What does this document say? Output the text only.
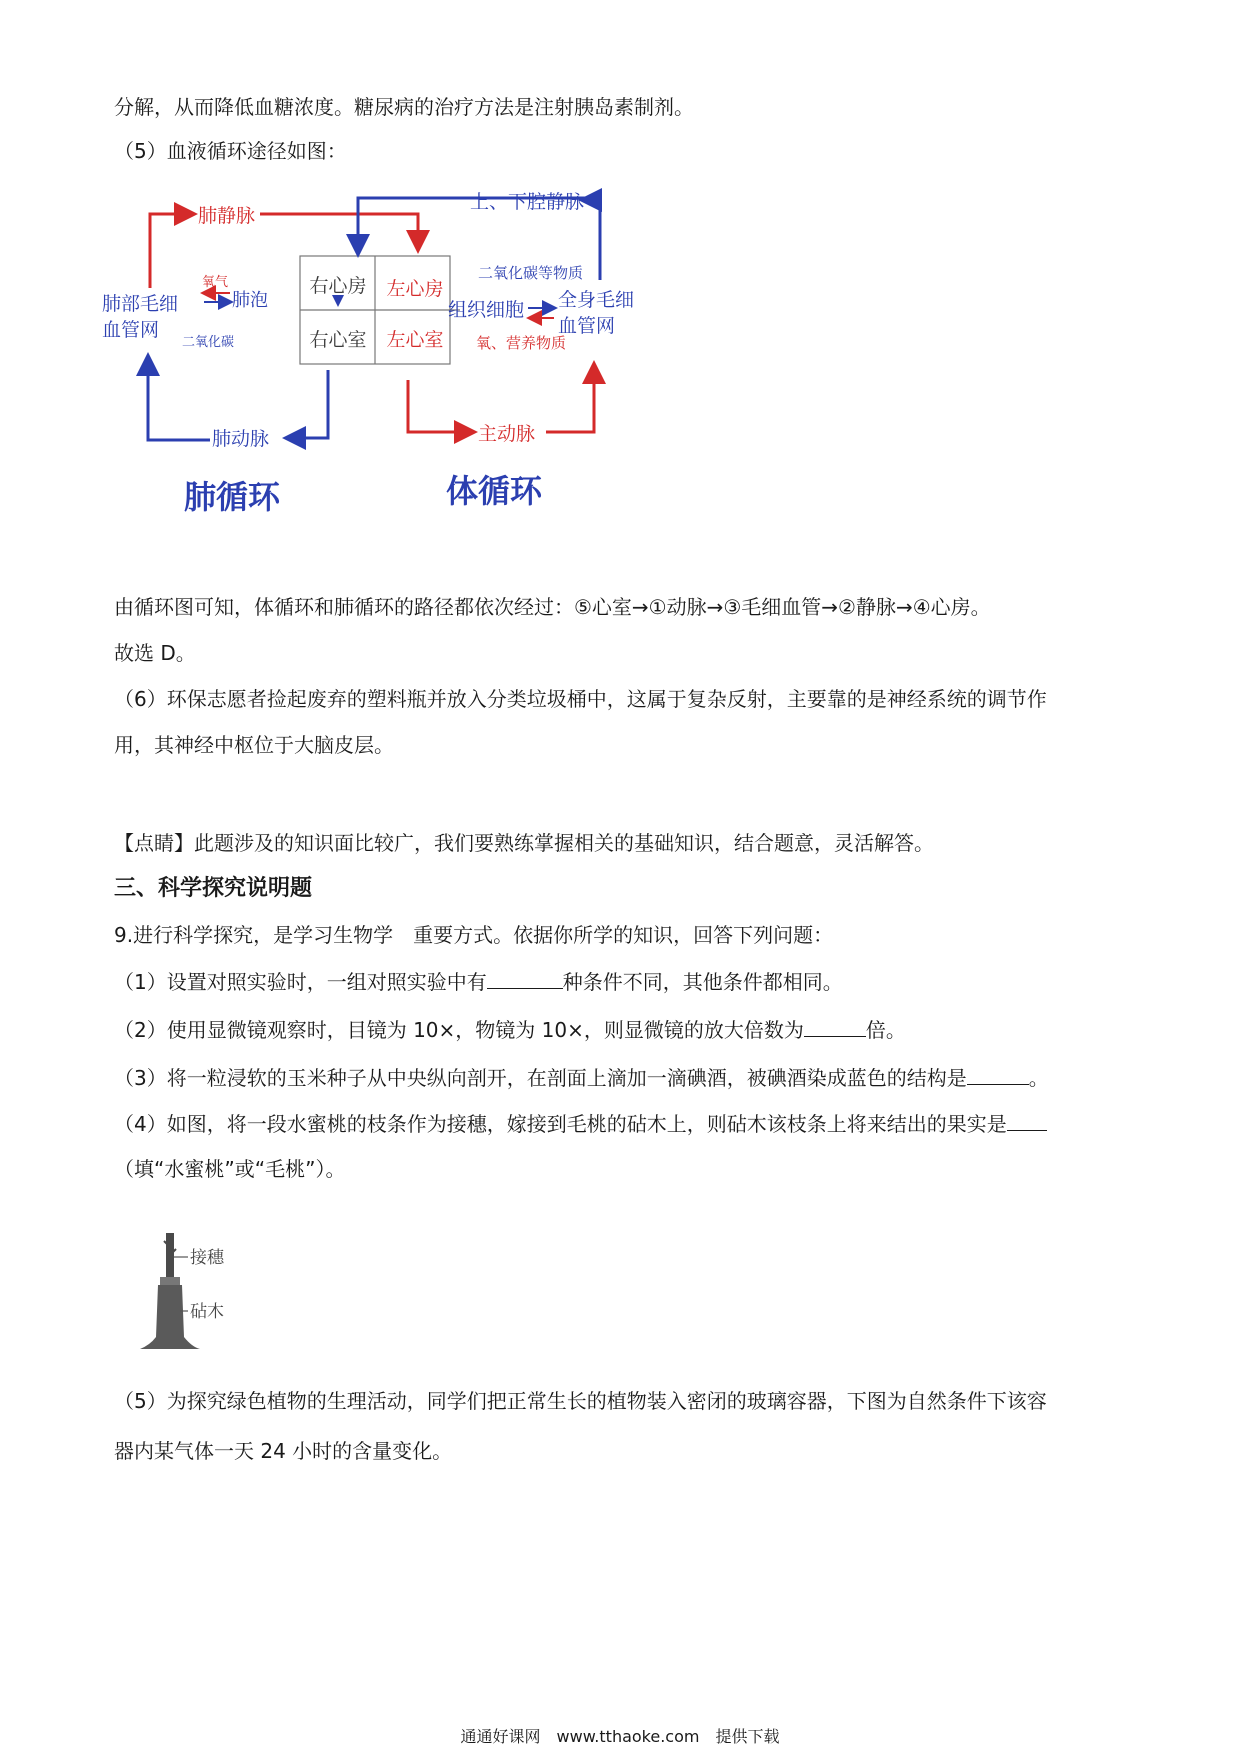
分解，从而降低血糖浓度。糖尿病的治疗方法是注射胰岛素制剂。
（5）血液循环途径如图：
右心房 左心房
右心室 左心室
肺静脉
上、下腔静脉
氧气
肺泡
二氧化碳
肺部毛细
血管网
二氧化碳等物质
组织细胞 全身毛细
血管网
氧、营养物质
肺动脉	主动脉
肺循环	体循环
由循环图可知，体循环和肺循环的路径都依次经过：⑤心室→①动脉→③毛细血管→②静脉→④心房。
故选 D。
（6）环保志愿者捡起废弃的塑料瓶并放入分类垃圾桶中，这属于复杂反射，主要靠的是神经系统的调节作
用，其神经中枢位于大脑皮层。
【点睛】此题涉及的知识面比较广，我们要熟练掌握相关的基础知识，结合题意，灵活解答。
三、科学探究说明题
9.进行科学探究，是学习生物学　重要方式。依据你所学的知识，回答下列问题：
（1）设置对照实验时，一组对照实验中有	种条件不同，其他条件都相同。
（2）使用显微镜观察时，目镜为 10×，物镜为 10×，则显微镜的放大倍数为	倍。
（3）将一粒浸软的玉米种子从中央纵向剖开，在剖面上滴加一滴碘酒，被碘酒染成蓝色的结构是	。
（4）如图，将一段水蜜桃的枝条作为接穗，嫁接到毛桃的砧木上，则砧木该枝条上将来结出的果实是
（填“水蜜桃”或“毛桃”）。
接穗
砧木
（5）为探究绿色植物的生理活动，同学们把正常生长的植物装入密闭的玻璃容器，下图为自然条件下该容
器内某气体一天 24 小时的含量变化。
通通好课网　www.tthaoke.com　提供下载
